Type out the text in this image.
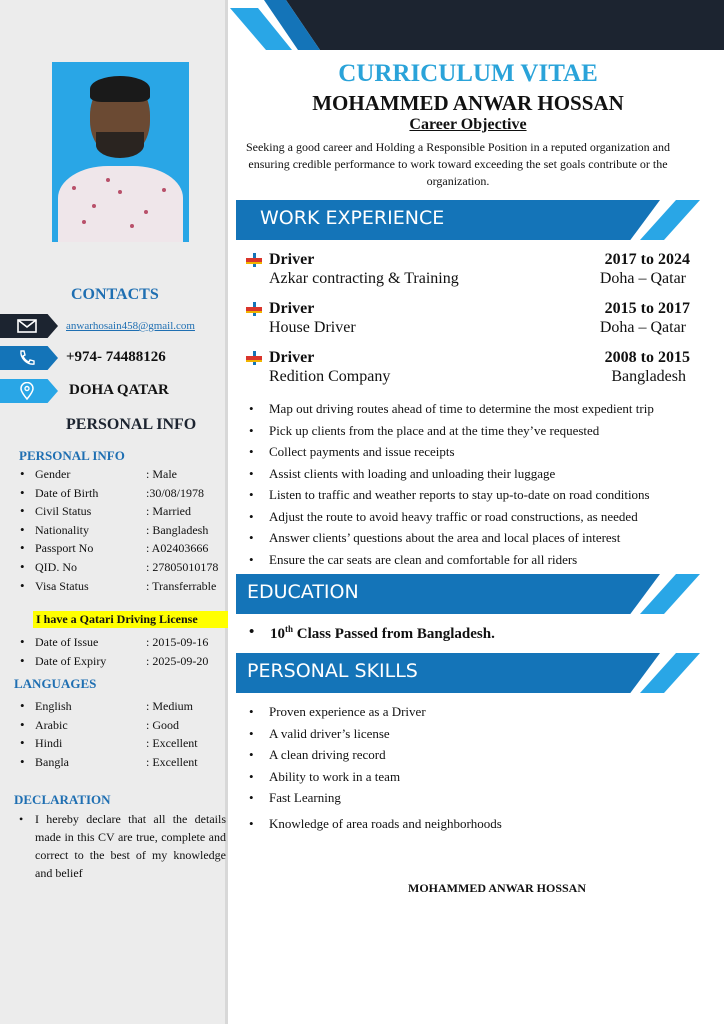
CONTACTS
anwarhosain458@gmail.com
+974- 74488126
DOHA QATAR
PERSONAL INFO
PERSONAL INFO
• Gender	: Male
• Date of Birth	:30/08/1978
• Civil Status	: Married
• Nationality	: Bangladesh
• Passport No	: A02403666
• QID. No	: 27805010178
• Visa Status	: Transferrable
I have a Qatari Driving License
• Date of Issue	: 2015-09-16
• Date of Expiry	: 2025-09-20
LANGUAGES
• English	: Medium
• Arabic	: Good
• Hindi	: Excellent
• Bangla	: Excellent
DECLARATION
• I hereby declare that all the details made in this CV are true, complete and correct to the best of my knowledge and belief
CURRICULUM VITAE
MOHAMMED ANWAR HOSSAN
Career Objective
Seeking a good career and Holding a Responsible Position in a reputed organization and ensuring credible performance to work toward exceeding the set goals contribute or the organization.
WORK EXPERIENCE
Driver	2017 to 2024
Azkar contracting & Training	Doha – Qatar
Driver	2015 to 2017
House Driver	Doha – Qatar
Driver	2008 to 2015
Redition Company	Bangladesh
• Map out driving routes ahead of time to determine the most expedient trip
• Pick up clients from the place and at the time they’ve requested
• Collect payments and issue receipts
• Assist clients with loading and unloading their luggage
• Listen to traffic and weather reports to stay up-to-date on road conditions
• Adjust the route to avoid heavy traffic or road constructions, as needed
• Answer clients’ questions about the area and local places of interest
• Ensure the car seats are clean and comfortable for all riders
EDUCATION
• 10th Class Passed from Bangladesh.
PERSONAL SKILLS
• Proven experience as a Driver
• A valid driver’s license
• A clean driving record
• Ability to work in a team
• Fast Learning
• Knowledge of area roads and neighborhoods
MOHAMMED ANWAR HOSSAN
